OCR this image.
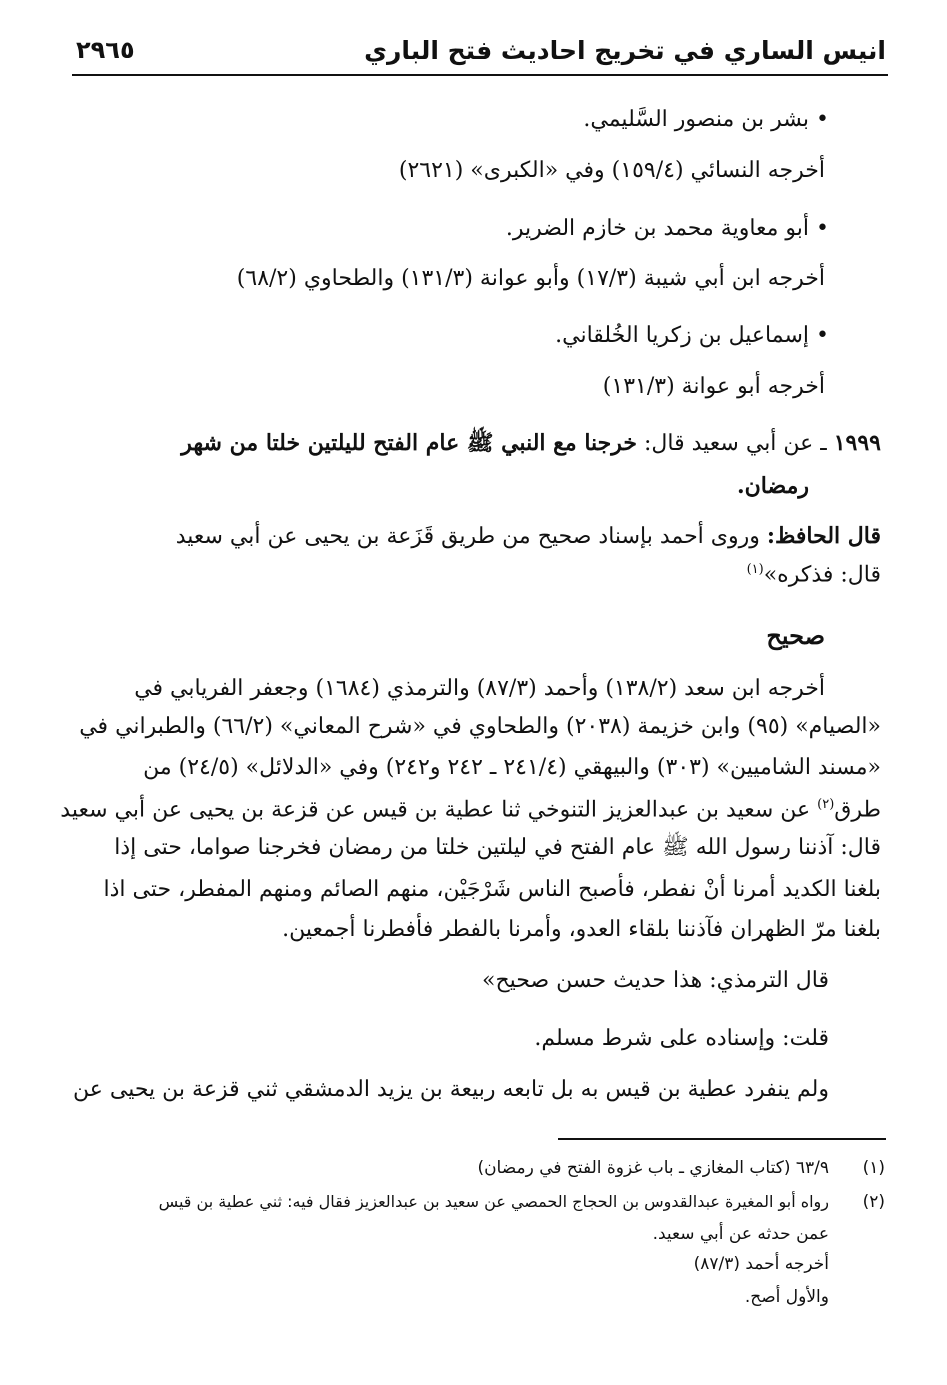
انيس الساري في تخريج احاديث فتح الباري
٢٩٦٥
• بشر بن منصور السَّليمي.
أخرجه النسائي (١٥٩/٤) وفي «الكبرى» (٢٦٢١)
• أبو معاوية محمد بن خازم الضرير.
أخرجه ابن أبي شيبة (١٧/٣) وأبو عوانة (١٣١/٣) والطحاوي (٦٨/٢)
• إسماعيل بن زكريا الخُلقاني.
أخرجه أبو عوانة (١٣١/٣)
١٩٩٩ ـ عن أبي سعيد قال: خرجنا مع النبي ﷺ عام الفتح لليلتين خلتا من شهر
رمضان.
قال الحافظ: وروى أحمد بإسناد صحيح من طريق قَزَعة بن يحيى عن أبي سعيد
قال: فذكره»$^{(١)}$
صحيح
أخرجه ابن سعد (١٣٨/٢) وأحمد (٨٧/٣) والترمذي (١٦٨٤) وجعفر الفريابي في
«الصيام» (٩٥) وابن خزيمة (٢٠٣٨) والطحاوي في «شرح المعاني» (٦٦/٢) والطبراني في
«مسند الشاميين» (٣٠٣) والبيهقي (٢٤١/٤ ـ ٢٤٢ و٢٤٢) وفي «الدلائل» (٢٤/٥) من
طرق$^{(٢)}$ عن سعيد بن عبدالعزيز التنوخي ثنا عطية بن قيس عن قزعة بن يحيى عن أبي سعيد
قال: آذننا رسول الله ﷺ عام الفتح في ليلتين خلتا من رمضان فخرجنا صواما، حتى إذا
بلغنا الكديد أمرنا أنْ نفطر، فأصبح الناس شَرْجَيْن، منهم الصائم ومنهم المفطر، حتى اذا
بلغنا مرّ الظهران فآذننا بلقاء العدو، وأمرنا بالفطر فأفطرنا أجمعين.
قال الترمذي: هذا حديث حسن صحيح»
قلت: وإسناده على شرط مسلم.
ولم ينفرد عطية بن قيس به بل تابعه ربيعة بن يزيد الدمشقي ثني قزعة بن يحيى عن
(١)
٦٣/٩ (كتاب المغازي ـ باب غزوة الفتح في رمضان)
(٢)
رواه أبو المغيرة عبدالقدوس بن الحجاج الحمصي عن سعيد بن عبدالعزيز فقال فيه: ثني عطية بن قيس
عمن حدثه عن أبي سعيد.
أخرجه أحمد (٨٧/٣)
والأول أصح.
